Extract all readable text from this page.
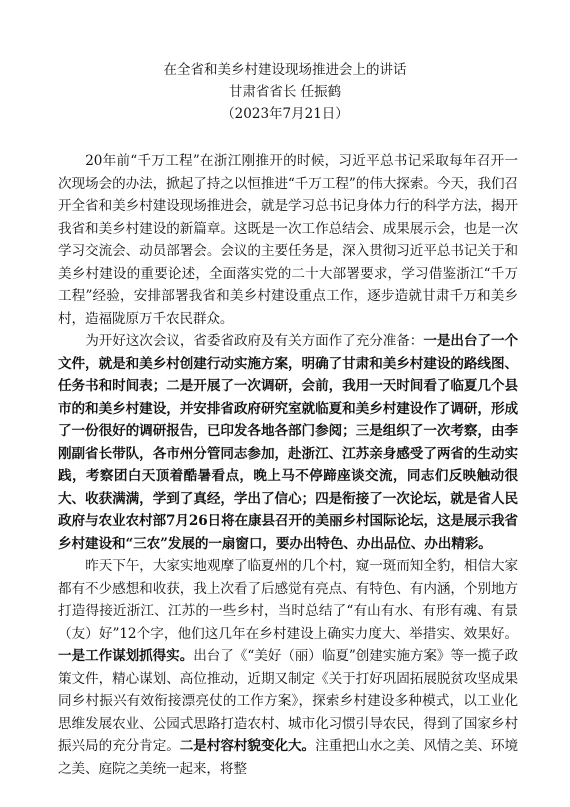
在全省和美乡村建设现场推进会上的讲话
甘肃省省长 任振鹤
（2023年7月21日）

20年前“千万工程”在浙江刚推开的时候，习近平总书记采取每年召开一次现场会的办法，掀起了持之以恒推进“千万工程”的伟大探索。今天，我们召开全省和美乡村建设现场推进会，就是学习总书记身体力行的科学方法，揭开我省和美乡村建设的新篇章。这既是一次工作总结会、成果展示会，也是一次学习交流会、动员部署会。会议的主要任务是，深入贯彻习近平总书记关于和美乡村建设的重要论述，全面落实党的二十大部署要求，学习借鉴浙江“千万工程”经验，安排部署我省和美乡村建设重点工作，逐步造就甘肃千万和美乡村，造福陇原万千农民群众。

为开好这次会议，省委省政府及有关方面作了充分准备：一是出台了一个文件，就是和美乡村创建行动实施方案，明确了甘肃和美乡村建设的路线图、任务书和时间表；二是开展了一次调研，会前，我用一天时间看了临夏几个县市的和美乡村建设，并安排省政府研究室就临夏和美乡村建设作了调研，形成了一份很好的调研报告，已印发各地各部门参阅；三是组织了一次考察，由李刚副省长带队，各市州分管同志参加，赴浙江、江苏亲身感受了两省的生动实践，考察团白天顶着酷暑看点，晚上马不停蹄座谈交流，同志们反映触动很大、收获满满，学到了真经，学出了信心；四是衔接了一次论坛，就是省人民政府与农业农村部7月26日将在康县召开的美丽乡村国际论坛，这是展示我省乡村建设和“三农”发展的一扇窗口，要办出特色、办出品位、办出精彩。

昨天下午，大家实地观摩了临夏州的几个村，窥一斑而知全豹，相信大家都有不少感想和收获，我上次看了后感觉有亮点、有特色、有内涵，个别地方打造得接近浙江、江苏的一些乡村，当时总结了“有山有水、有形有魂、有景（友）好”12个字，他们这几年在乡村建设上确实力度大、举措实、效果好。一是工作谋划抓得实。出台了《“美好（丽）临夏”创建实施方案》等一揽子政策文件，精心谋划、高位推动，近期又制定《关于打好巩固拓展脱贫攻坚成果同乡村振兴有效衔接漂亮仗的工作方案》，探索乡村建设多种模式，以工业化思维发展农业、公园式思路打造农村、城市化习惯引导农民，得到了国家乡村振兴局的充分肯定。二是村容村貌变化大。注重把山水之美、风情之美、环境之美、庭院之美统一起来，将整
